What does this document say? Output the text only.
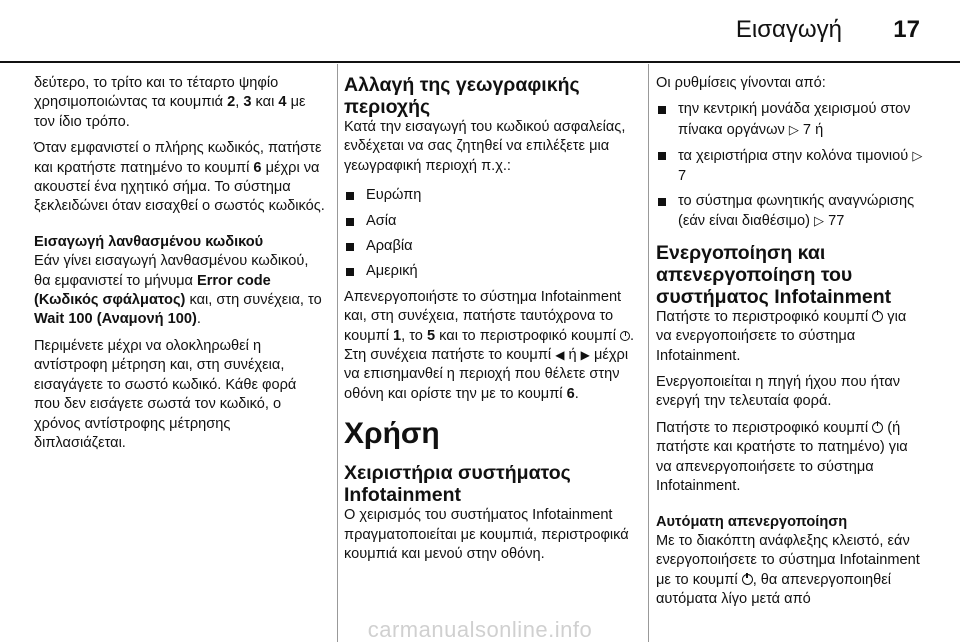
Εισαγωγή 17

δεύτερο, το τρίτο και το τέταρτο ψηφίο χρησιμοποιώντας τα κουμπιά 2, 3 και 4 με τον ίδιο τρόπο.

Όταν εμφανιστεί ο πλήρης κωδικός, πατήστε και κρατήστε πατημένο το κουμπί 6 μέχρι να ακουστεί ένα ηχητικό σήμα. Το σύστημα ξεκλειδώνει όταν εισαχθεί ο σωστός κωδικός.

Εισαγωγή λανθασμένου κωδικού

Εάν γίνει εισαγωγή λανθασμένου κωδικού, θα εμφανιστεί το μήνυμα Error code (Κωδικός σφάλματος) και, στη συνέχεια, το Wait 100 (Αναμονή 100).

Περιμένετε μέχρι να ολοκληρωθεί η αντίστροφη μέτρηση και, στη συνέχεια, εισαγάγετε το σωστό κωδικό. Κάθε φορά που δεν εισάγετε σωστά τον κωδικό, ο χρόνος αντίστροφης μέτρησης διπλασιάζεται.

Αλλαγή της γεωγραφικής περιοχής

Κατά την εισαγωγή του κωδικού ασφαλείας, ενδέχεται να σας ζητηθεί να επιλέξετε μια γεωγραφική περιοχή π.χ.:

Ευρώπη
Ασία
Αραβία
Αμερική

Απενεργοποιήστε το σύστημα Infotainment και, στη συνέχεια, πατήστε ταυτόχρονα το κουμπί 1, το 5 και το περιστροφικό κουμπί . Στη συνέχεια πατήστε το κουμπί ◀ ή ▶ μέχρι να επισημανθεί η περιοχή που θέλετε στην οθόνη και ορίστε την με το κουμπί 6.

Χρήση
Χειριστήρια συστήματος Infotainment

Ο χειρισμός του συστήματος Infotainment πραγματοποιείται με κουμπιά, περιστροφικά κουμπιά και μενού στην οθόνη.

Οι ρυθμίσεις γίνονται από:

την κεντρική μονάδα χειρισμού στον πίνακα οργάνων ▷ 7 ή
τα χειριστήρια στην κολόνα τιμονιού ▷ 7
το σύστημα φωνητικής αναγνώρισης (εάν είναι διαθέσιμο) ▷ 77
Ενεργοποίηση και απενεργοποίηση του συστήματος Infotainment

Πατήστε το περιστροφικό κουμπί  για να ενεργοποιήσετε το σύστημα Infotainment.

Ενεργοποιείται η πηγή ήχου που ήταν ενεργή την τελευταία φορά.

Πατήστε το περιστροφικό κουμπί  (ή πατήστε και κρατήστε το πατημένο) για να απενεργοποιήσετε το σύστημα Infotainment.

Αυτόματη απενεργοποίηση

Με το διακόπτη ανάφλεξης κλειστό, εάν ενεργοποιήσετε το σύστημα Infotainment με το κουμπί , θα απενεργοποιηθεί αυτόματα λίγο μετά από

carmanualsonline.info
